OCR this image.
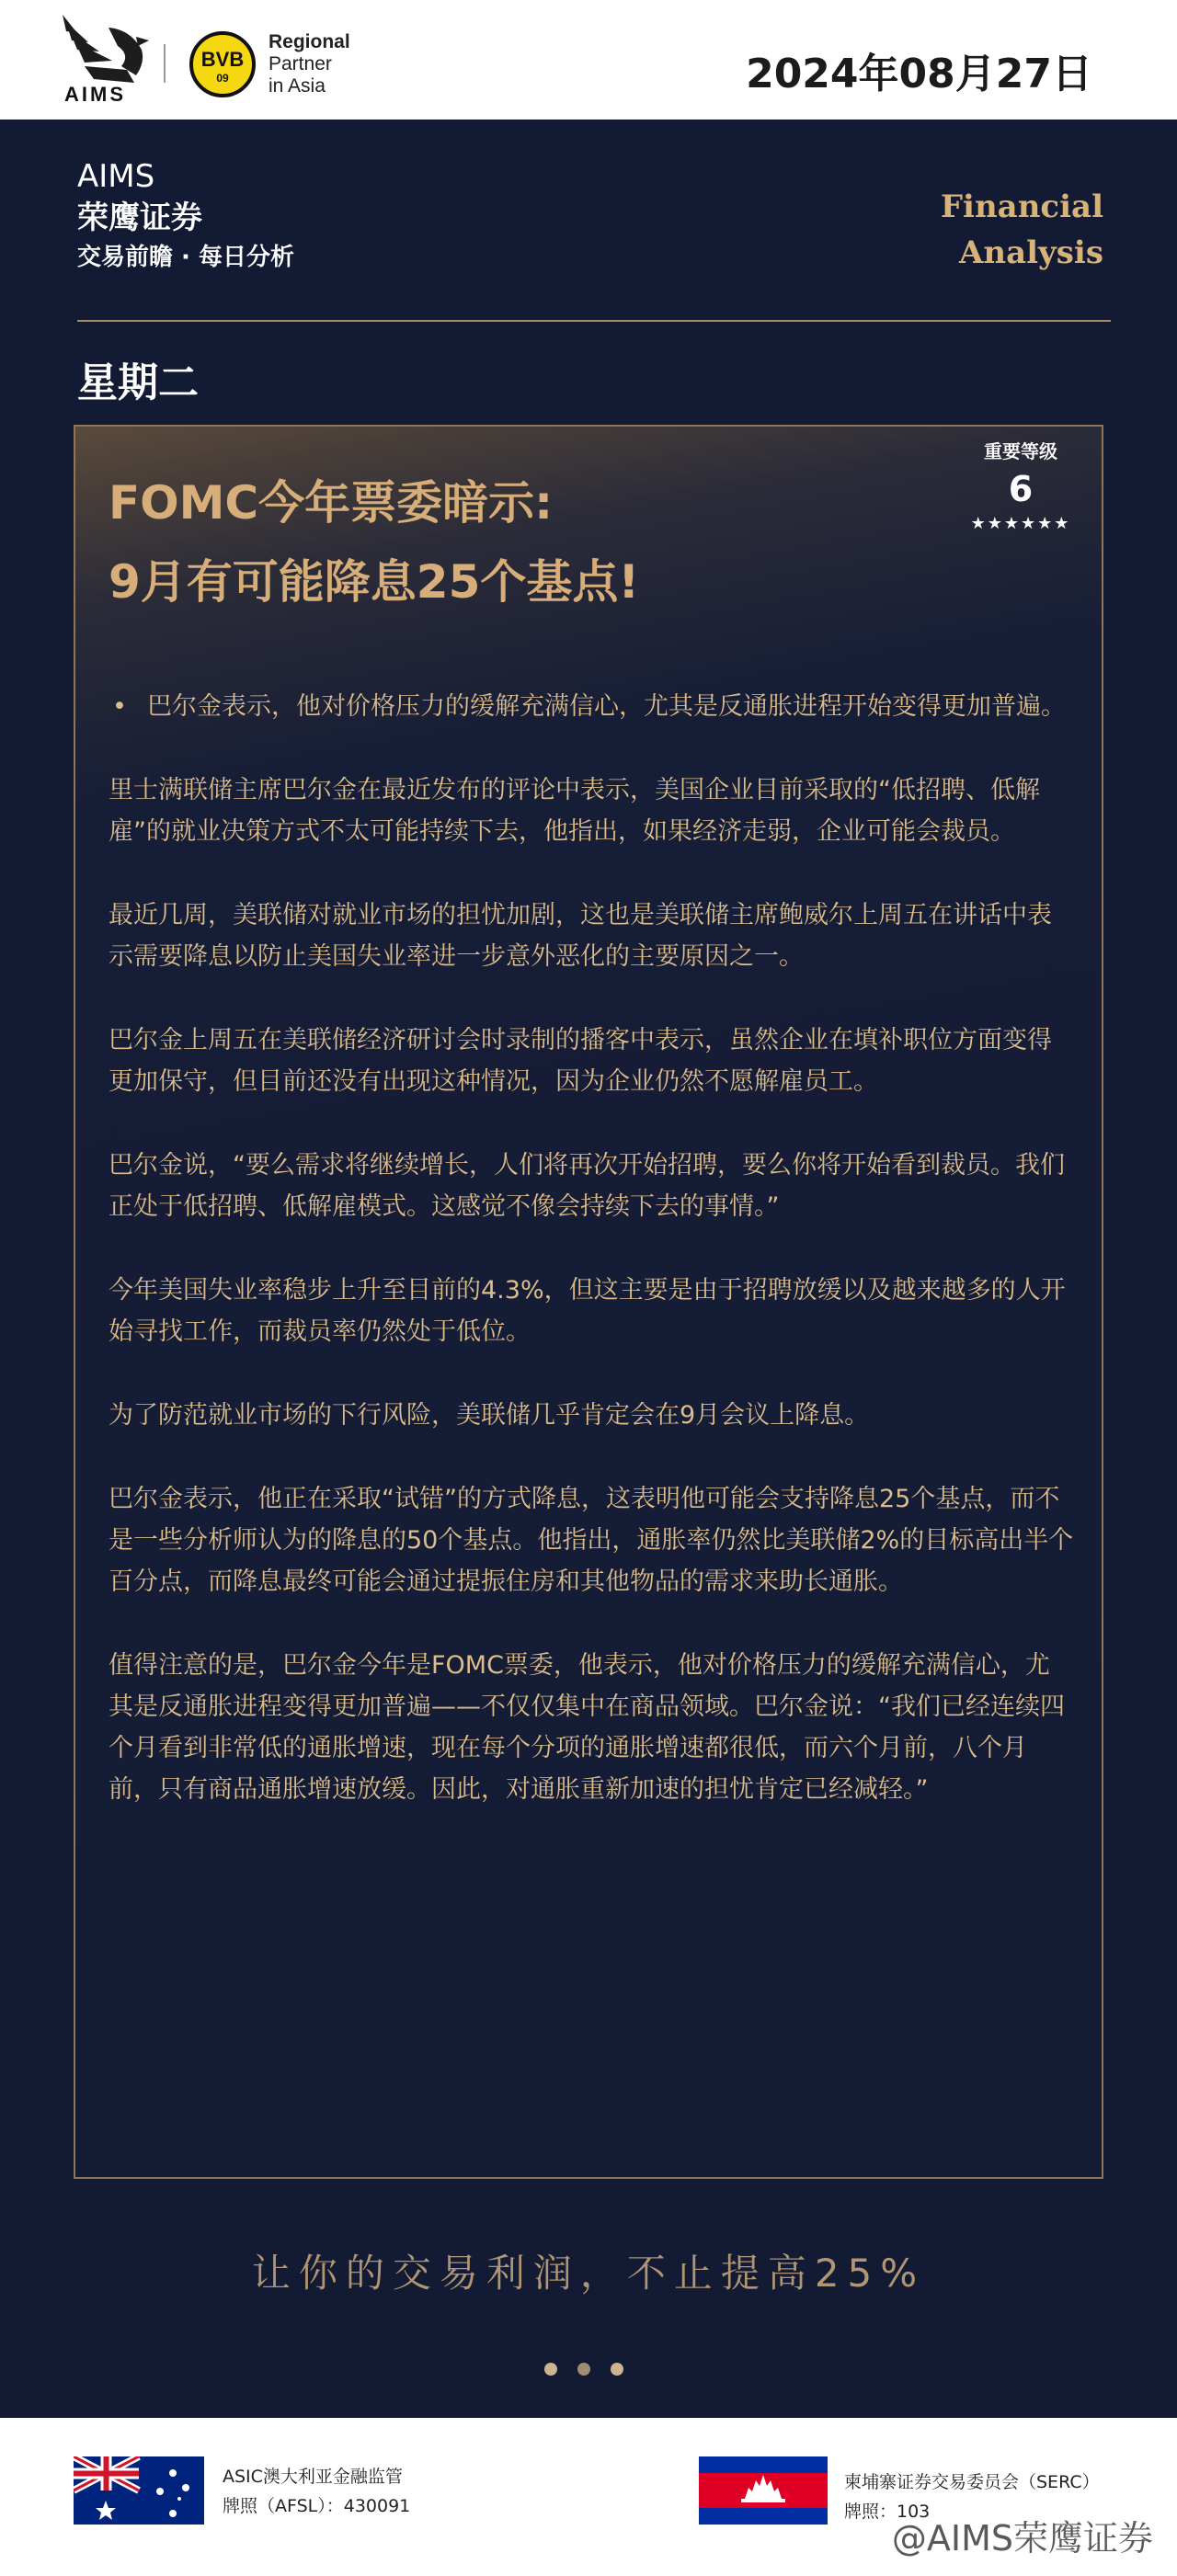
AIMS
BVB
09
Regional
Partner
in Asia	2024年08月27日
AIMS
荣鹰证券
交易前瞻 · 每日分析
Financial
Analysis
星期二
FOMC今年票委暗示:
9月有可能降息25个基点!
重要等级
6
★★★★★★

• 巴尔金表示，他对价格压力的缓解充满信心，尤其是反通胀进程开始变得更加普遍。

里士满联储主席巴尔金在最近发布的评论中表示，美国企业目前采取的“低招聘、低解雇”的就业决策方式不太可能持续下去，他指出，如果经济走弱，企业可能会裁员。

最近几周，美联储对就业市场的担忧加剧，这也是美联储主席鲍威尔上周五在讲话中表示需要降息以防止美国失业率进一步意外恶化的主要原因之一。

巴尔金上周五在美联储经济研讨会时录制的播客中表示，虽然企业在填补职位方面变得更加保守，但目前还没有出现这种情况，因为企业仍然不愿解雇员工。

巴尔金说，“要么需求将继续增长，人们将再次开始招聘，要么你将开始看到裁员。我们正处于低招聘、低解雇模式。这感觉不像会持续下去的事情。”

今年美国失业率稳步上升至目前的4.3%，但这主要是由于招聘放缓以及越来越多的人开始寻找工作，而裁员率仍然处于低位。

为了防范就业市场的下行风险，美联储几乎肯定会在9月会议上降息。

巴尔金表示，他正在采取“试错”的方式降息，这表明他可能会支持降息25个基点，而不是一些分析师认为的降息的50个基点。他指出，通胀率仍然比美联储2%的目标高出半个百分点，而降息最终可能会通过提振住房和其他物品的需求来助长通胀。

值得注意的是，巴尔金今年是FOMC票委，他表示，他对价格压力的缓解充满信心，尤其是反通胀进程变得更加普遍——不仅仅集中在商品领域。巴尔金说：“我们已经连续四个月看到非常低的通胀增速，现在每个分项的通胀增速都很低，而六个月前，八个月前，只有商品通胀增速放缓。因此，对通胀重新加速的担忧肯定已经减轻。”

让你的交易利润，不止提高25%
ASIC澳大利亚金融监管
牌照（AFSL）：430091
柬埔寨证券交易委员会（SERC）
牌照：103
@AIMS荣鹰证券
